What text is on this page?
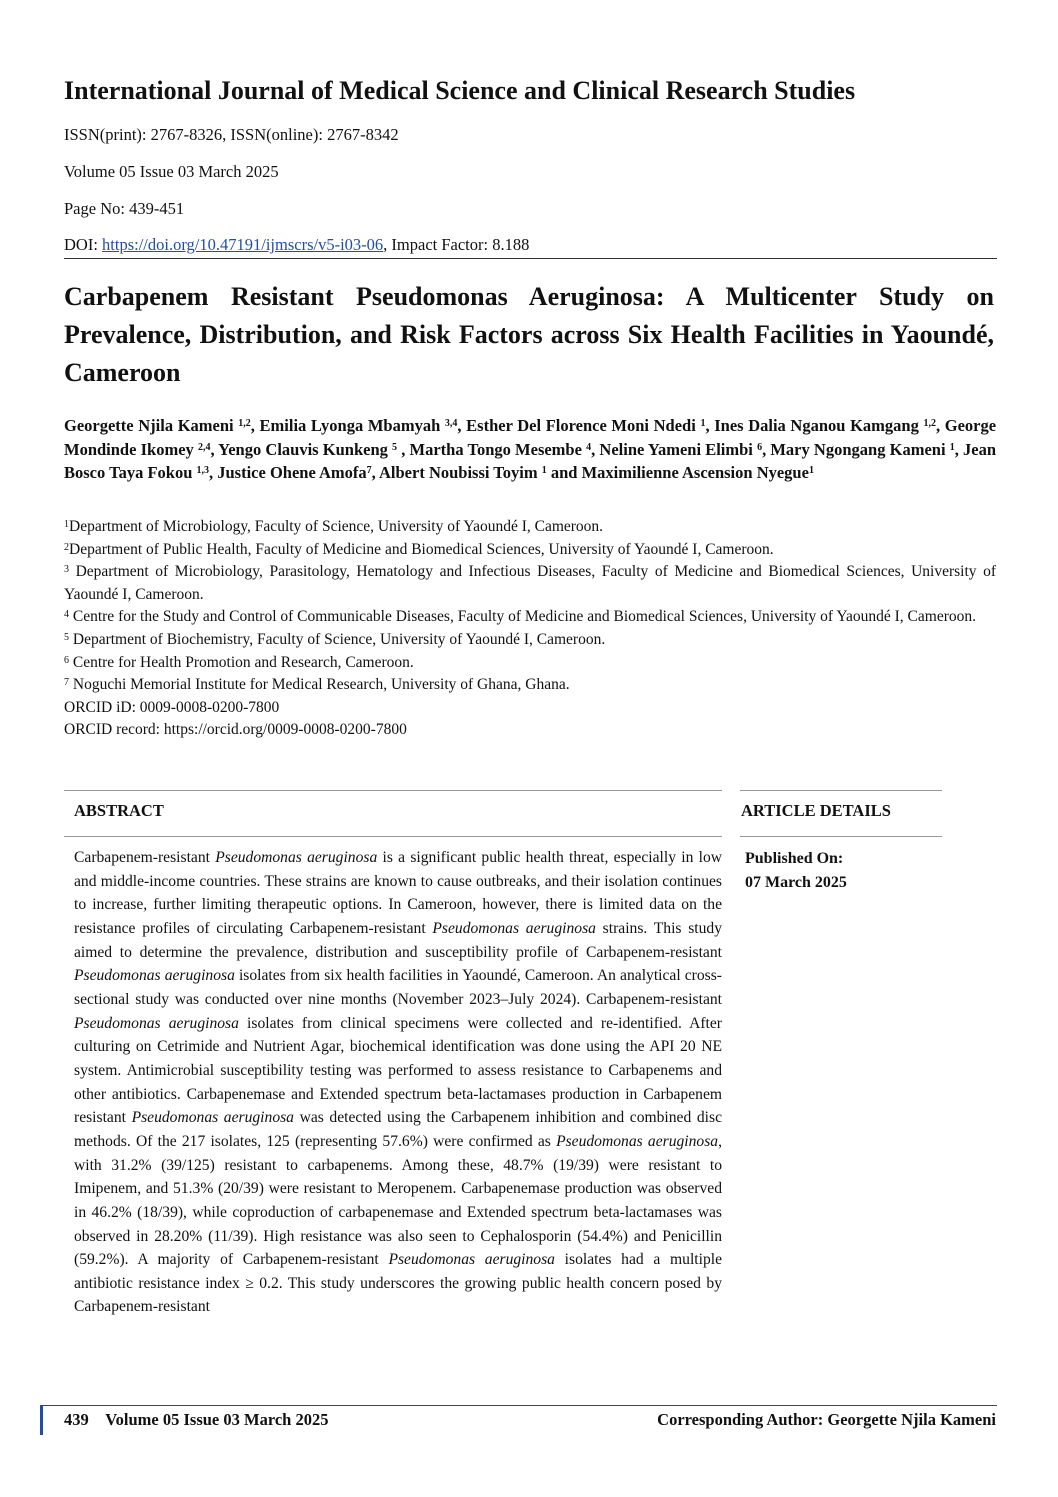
International Journal of Medical Science and Clinical Research Studies
ISSN(print): 2767-8326, ISSN(online): 2767-8342
Volume 05 Issue 03 March 2025
Page No: 439-451
DOI: https://doi.org/10.47191/ijmscrs/v5-i03-06, Impact Factor: 8.188
Carbapenem Resistant Pseudomonas Aeruginosa: A Multicenter Study on Prevalence, Distribution, and Risk Factors across Six Health Facilities in Yaoundé, Cameroon
Georgette Njila Kameni $^{1,2}$, Emilia Lyonga Mbamyah $^{3,4}$, Esther Del Florence Moni Ndedi $^1$, Ines Dalia Nganou Kamgang $^{1,2}$, George Mondinde Ikomey $^{2,4}$, Yengo Clauvis Kunkeng $^5$ , Martha Tongo Mesembe $^4$, Neline Yameni Elimbi $^6$, Mary Ngongang Kameni $^1$, Jean Bosco Taya Fokou $^{1,3}$, Justice Ohene Amofa$^7$, Albert Noubissi Toyim $^1$ and Maximilienne Ascension Nyegue$^1$
$^1$Department of Microbiology, Faculty of Science, University of Yaoundé I, Cameroon.
$^2$Department of Public Health, Faculty of Medicine and Biomedical Sciences, University of Yaoundé I, Cameroon.
$^3$ Department of Microbiology, Parasitology, Hematology and Infectious Diseases, Faculty of Medicine and Biomedical Sciences, University of Yaoundé I, Cameroon.
$^4$ Centre for the Study and Control of Communicable Diseases, Faculty of Medicine and Biomedical Sciences, University of Yaoundé I, Cameroon.
$^5$ Department of Biochemistry, Faculty of Science, University of Yaoundé I, Cameroon.
$^6$ Centre for Health Promotion and Research, Cameroon.
$^7$ Noguchi Memorial Institute for Medical Research, University of Ghana, Ghana.
ORCID iD: 0009-0008-0200-7800
ORCID record: https://orcid.org/0009-0008-0200-7800
ABSTRACT	ARTICLE DETAILS
Carbapenem-resistant Pseudomonas aeruginosa is a significant public health threat, especially in low and middle-income countries. These strains are known to cause outbreaks, and their isolation continues to increase, further limiting therapeutic options. In Cameroon, however, there is limited data on the resistance profiles of circulating Carbapenem-resistant Pseudomonas aeruginosa strains. This study aimed to determine the prevalence, distribution and susceptibility profile of Carbapenem-resistant Pseudomonas aeruginosa isolates from six health facilities in Yaoundé, Cameroon. An analytical cross-sectional study was conducted over nine months (November 2023–July 2024). Carbapenem-resistant Pseudomonas aeruginosa isolates from clinical specimens were collected and re-identified. After culturing on Cetrimide and Nutrient Agar, biochemical identification was done using the API 20 NE system. Antimicrobial susceptibility testing was performed to assess resistance to Carbapenems and other antibiotics. Carbapenemase and Extended spectrum beta-lactamases production in Carbapenem resistant Pseudomonas aeruginosa was detected using the Carbapenem inhibition and combined disc methods. Of the 217 isolates, 125 (representing 57.6%) were confirmed as Pseudomonas aeruginosa, with 31.2% (39/125) resistant to carbapenems. Among these, 48.7% (19/39) were resistant to Imipenem, and 51.3% (20/39) were resistant to Meropenem. Carbapenemase production was observed in 46.2% (18/39), while coproduction of carbapenemase and Extended spectrum beta-lactamases was observed in 28.20% (11/39). High resistance was also seen to Cephalosporin (54.4%) and Penicillin (59.2%). A majority of Carbapenem-resistant Pseudomonas aeruginosa isolates had a multiple antibiotic resistance index ≥ 0.2. This study underscores the growing public health concern posed by Carbapenem-resistant
Published On:
07 March 2025
439 Volume 05 Issue 03 March 2025	Corresponding Author: Georgette Njila Kameni
